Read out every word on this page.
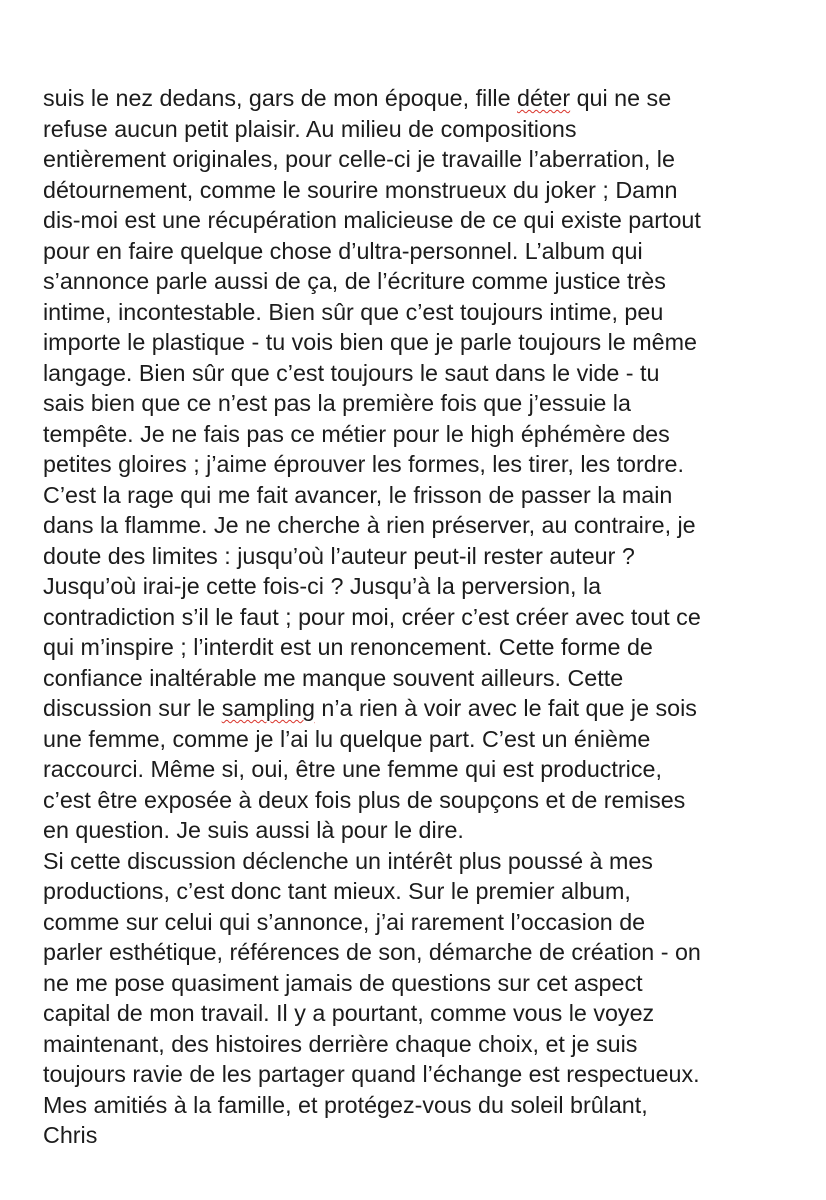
suis le nez dedans, gars de mon époque, fille déter qui ne se
refuse aucun petit plaisir. Au milieu de compositions
entièrement originales, pour celle-ci je travaille l’aberration, le
détournement, comme le sourire monstrueux du joker ; Damn
dis-moi est une récupération malicieuse de ce qui existe partout
pour en faire quelque chose d’ultra-personnel. L’album qui
s’annonce parle aussi de ça, de l’écriture comme justice très
intime, incontestable. Bien sûr que c’est toujours intime, peu
importe le plastique - tu vois bien que je parle toujours le même
langage. Bien sûr que c’est toujours le saut dans le vide - tu
sais bien que ce n’est pas la première fois que j’essuie la
tempête. Je ne fais pas ce métier pour le high éphémère des
petites gloires ; j’aime éprouver les formes, les tirer, les tordre.
C’est la rage qui me fait avancer, le frisson de passer la main
dans la flamme. Je ne cherche à rien préserver, au contraire, je
doute des limites : jusqu’où l’auteur peut-il rester auteur ?
Jusqu’où irai-je cette fois-ci ? Jusqu’à la perversion, la
contradiction s’il le faut ; pour moi, créer c’est créer avec tout ce
qui m’inspire ; l’interdit est un renoncement. Cette forme de
confiance inaltérable me manque souvent ailleurs. Cette
discussion sur le sampling n’a rien à voir avec le fait que je sois
une femme, comme je l’ai lu quelque part. C’est un énième
raccourci. Même si, oui, être une femme qui est productrice,
c’est être exposée à deux fois plus de soupçons et de remises
en question. Je suis aussi là pour le dire.
Si cette discussion déclenche un intérêt plus poussé à mes
productions, c’est donc tant mieux. Sur le premier album,
comme sur celui qui s’annonce, j’ai rarement l’occasion de
parler esthétique, références de son, démarche de création - on
ne me pose quasiment jamais de questions sur cet aspect
capital de mon travail. Il y a pourtant, comme vous le voyez
maintenant, des histoires derrière chaque choix, et je suis
toujours ravie de les partager quand l’échange est respectueux.
Mes amitiés à la famille, et protégez-vous du soleil brûlant,
Chris
